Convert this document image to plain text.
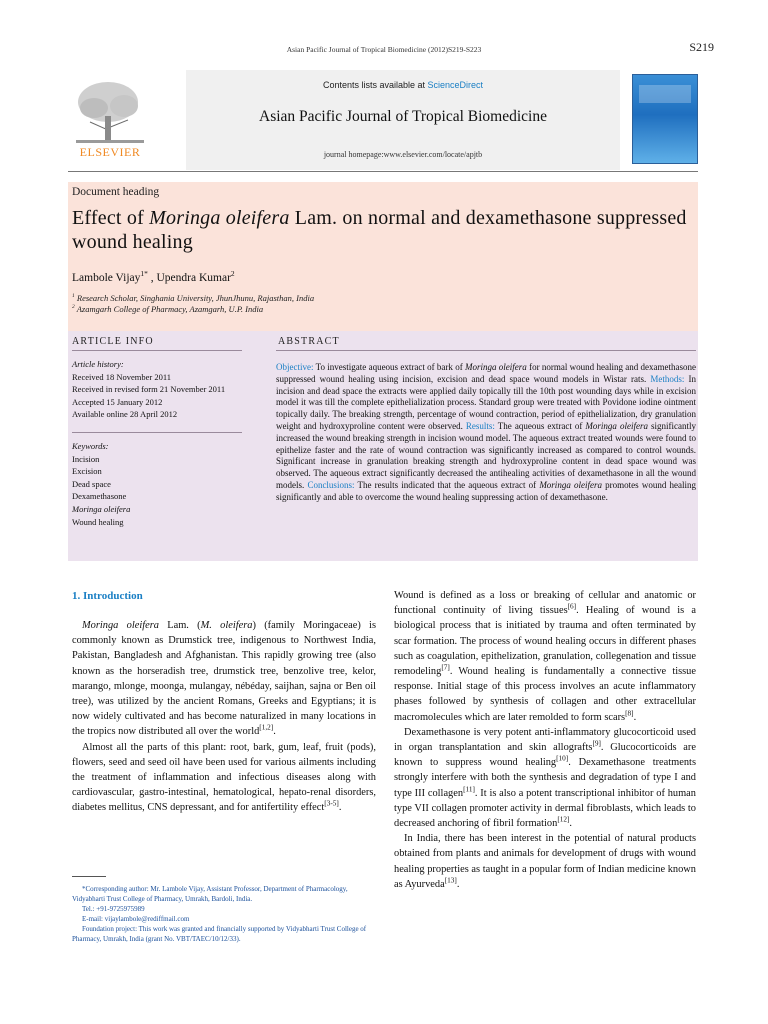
Asian Pacific Journal of Tropical Biomedicine (2012)S219-S223	S219
Contents lists available at ScienceDirect
Asian Pacific Journal of Tropical Biomedicine
journal homepage:www.elsevier.com/locate/apjtb
ELSEVIER
Document heading
Effect of Moringa oleifera Lam. on normal and dexamethasone suppressed wound healing
Lambole Vijay$^{1*}$ , Upendra Kumar$^2$
$^1$ Research Scholar, Singhania University, JhunJhunu, Rajasthan, India
$^2$ Azamgarh College of Pharmacy, Azamgarh, U.P. India
ARTICLE INFO	ABSTRACT
Article history:
Received 18 November 2011
Received in revised form 21 November 2011
Accepted 15 January 2012
Available online 28 April 2012
Keywords:
Incision
Excision
Dead space
Dexamethasone
Moringa oleifera
Wound healing
Objective: To investigate aqueous extract of bark of Moringa oleifera for normal wound healing and dexamethasone suppressed wound healing using incision, excision and dead space wound models in Wistar rats. Methods: In incision and dead space the extracts were applied daily topically till the 10th post wounding days while in excision model it was till the complete epithelialization process. Standard group were treated with Povidone iodine ointment topically daily. The breaking strength, percentage of wound contraction, period of epithelialization, dry granulation weight and hydroxyproline content were observed. Results: The aqueous extract of Moringa oleifera significantly increased the wound breaking strength in incision wound model. The aqueous extract treated wounds were found to epithelize faster and the rate of wound contraction was significantly increased as compared to control wounds. Significant increase in granulation breaking strength and hydroxyproline content in dead space wound was observed. The aqueous extract significantly decreased the antihealing activities of dexamethasone in all the wound models. Conclusions: The results indicated that the aqueous extract of Moringa oleifera promotes wound healing significantly and able to overcome the wound healing suppressing action of dexamethasone.
1. Introduction

Moringa oleifera Lam. (M. oleifera) (family Moringaceae) is commonly known as Drumstick tree, indigenous to Northwest India, Pakistan, Bangladesh and Afghanistan. This rapidly growing tree (also known as the horseradish tree, drumstick tree, benzolive tree, kelor, marango, mlonge, moonga, mulangay, nébéday, saijhan, sajna or Ben oil tree), was utilized by the ancient Romans, Greeks and Egyptians; it is now widely cultivated and has become naturalized in many locations in the tropics now distributed all over the world[1,2].

Almost all the parts of this plant: root, bark, gum, leaf, fruit (pods), flowers, seed and seed oil have been used for various ailments including the treatment of inflammation and infectious diseases along with cardiovascular, gastro-intestinal, hematological, hepato-renal disorders, diabetes mellitus, CNS depressant, and for antifertility effect[3-5].

Wound is defined as a loss or breaking of cellular and anatomic or functional continuity of living tissues[6]. Healing of wound is a biological process that is initiated by trauma and often terminated by scar formation. The process of wound healing occurs in different phases such as coagulation, epithelization, granulation, collegenation and tissue remodeling[7]. Wound healing is fundamentally a connective tissue response. Initial stage of this process involves an acute inflammatory phases followed by synthesis of collagen and other extracellular macromolecules which are later remolded to form scars[8].

Dexamethasone is very potent anti-inflammatory glucocorticoid used in organ transplantation and skin allografts[9]. Glucocorticoids are known to suppress wound healing[10]. Dexamethasone treatments strongly interfere with both the synthesis and degradation of type I and type III collagen[11]. It is also a potent transcriptional inhibitor of human type VII collagen promoter activity in dermal fibroblasts, which leads to decreased anchoring of fibril formation[12].

In India, there has been interest in the potential of natural products obtained from plants and animals for development of drugs with wound healing properties as taught in a popular form of Indian medicine known as Ayurveda[13].

*Corresponding author: Mr. Lambole Vijay, Assistant Professor, Department of Pharmacology, Vidyabharti Trust College of Pharmacy, Umrakh, Bardoli, India.
Tel.: +91-9725975989
E-mail: vijaylambole@rediffmail.com
Foundation project: This work was granted and financially supported by Vidyabharti Trust College of Pharmacy, Umrakh, India (grant No. VBT/TAEC/10/12/33).
